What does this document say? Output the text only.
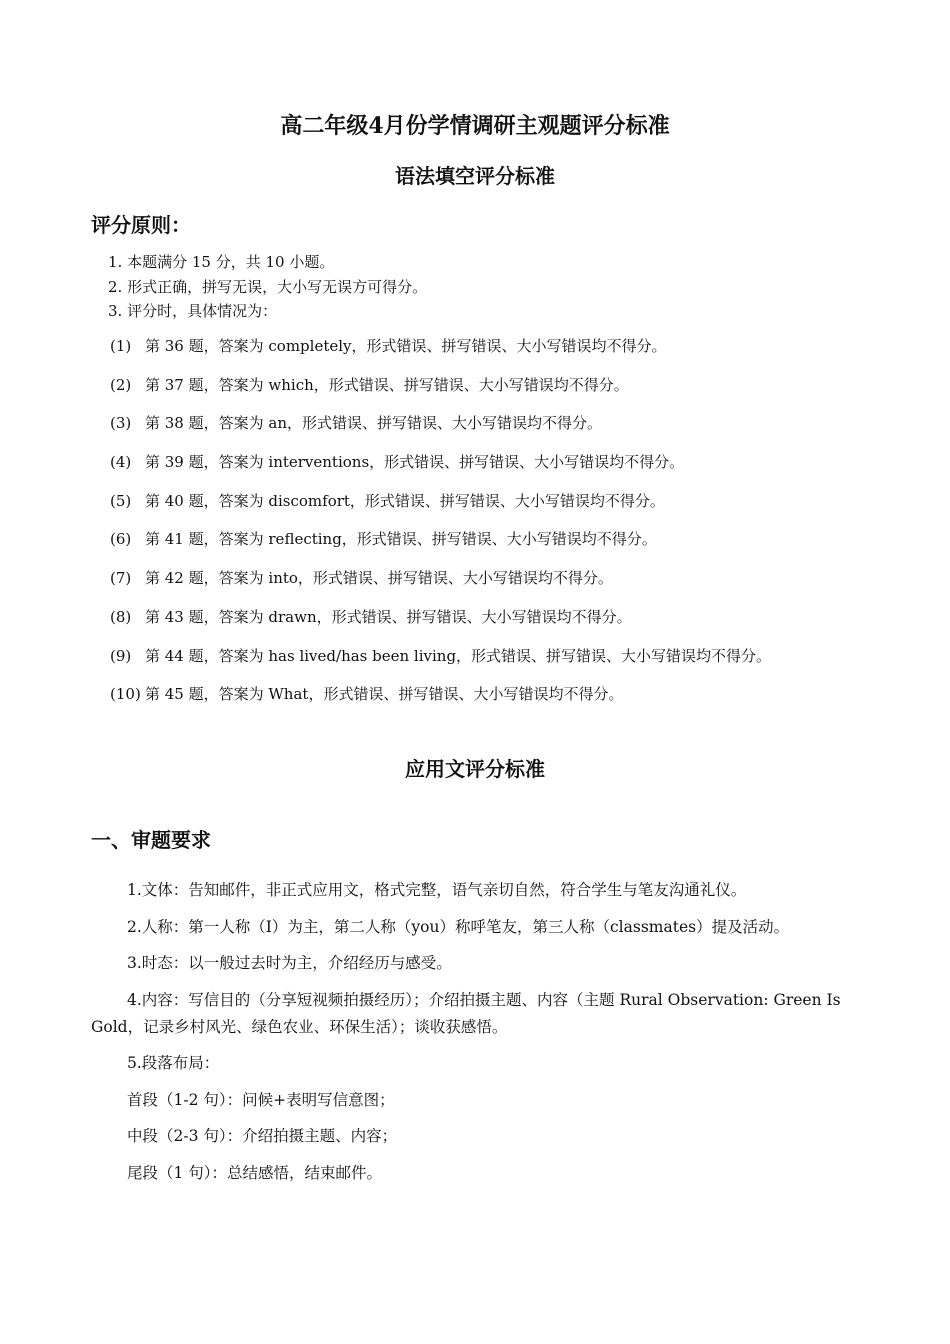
高二年级4月份学情调研主观题评分标准
语法填空评分标准
评分原则：
1. 本题满分 15 分，共 10 小题。
2. 形式正确，拼写无误，大小写无误方可得分。
3. 评分时，具体情况为：
(1) 第 36 题，答案为 completely，形式错误、拼写错误、大小写错误均不得分。
(2) 第 37 题，答案为 which，形式错误、拼写错误、大小写错误均不得分。
(3) 第 38 题，答案为 an，形式错误、拼写错误、大小写错误均不得分。
(4) 第 39 题，答案为 interventions，形式错误、拼写错误、大小写错误均不得分。
(5) 第 40 题，答案为 discomfort，形式错误、拼写错误、大小写错误均不得分。
(6) 第 41 题，答案为 reflecting，形式错误、拼写错误、大小写错误均不得分。
(7) 第 42 题，答案为 into，形式错误、拼写错误、大小写错误均不得分。
(8) 第 43 题，答案为 drawn，形式错误、拼写错误、大小写错误均不得分。
(9) 第 44 题，答案为 has lived/has been living，形式错误、拼写错误、大小写错误均不得分。
(10) 第 45 题，答案为 What，形式错误、拼写错误、大小写错误均不得分。
应用文评分标准
一、审题要求
1.文体：告知邮件，非正式应用文，格式完整，语气亲切自然，符合学生与笔友沟通礼仪。
2.人称：第一人称（I）为主，第二人称（you）称呼笔友，第三人称（classmates）提及活动。
3.时态：以一般过去时为主，介绍经历与感受。
4.内容：写信目的（分享短视频拍摄经历）；介绍拍摄主题、内容（主题 Rural Observation: Green Is Gold，记录乡村风光、绿色农业、环保生活）；谈收获感悟。
5.段落布局：
首段（1-2 句）：问候+表明写信意图；
中段（2-3 句）：介绍拍摄主题、内容；
尾段（1 句）：总结感悟，结束邮件。
